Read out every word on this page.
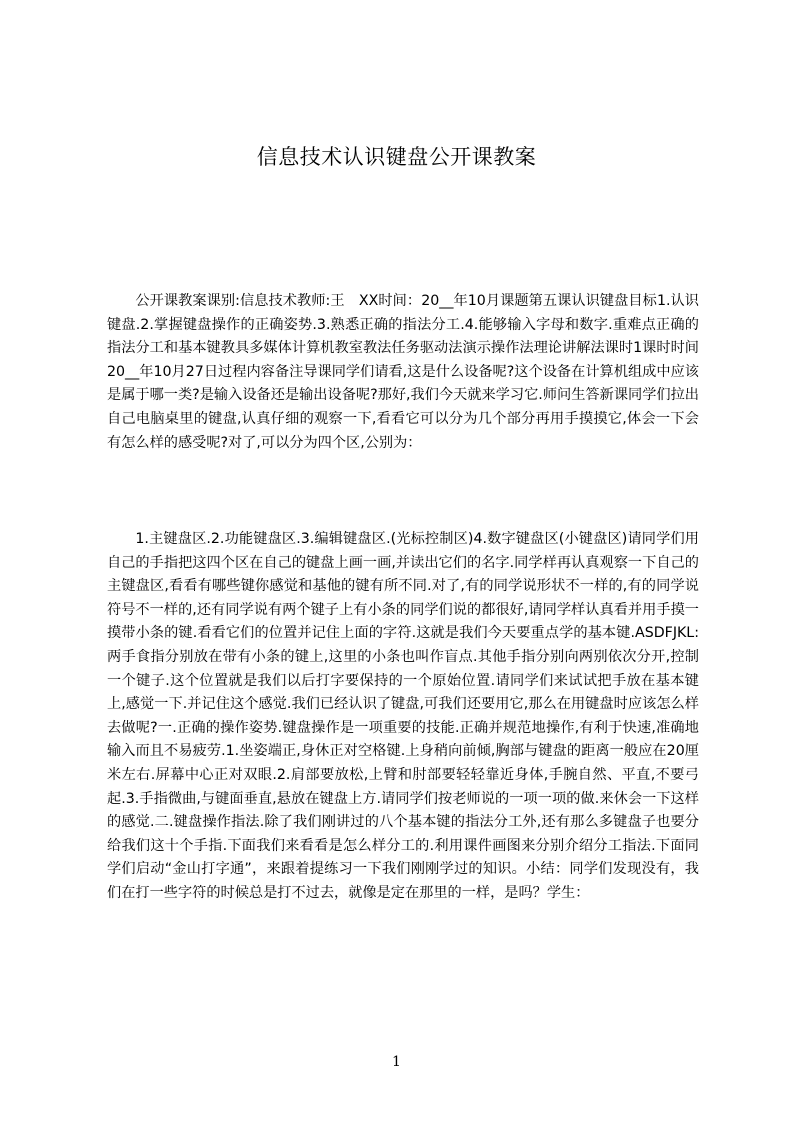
信息技术认识键盘公开课教案

公开课教案课别:信息技术教师:王　XX时间：20__年10月课题第五课认识键盘目标1.认识键盘.2.掌握键盘操作的正确姿势.3.熟悉正确的指法分工.4.能够输入字母和数字.重难点正确的指法分工和基本键教具多媒体计算机教室教法任务驱动法演示操作法理论讲解法课时1课时时间20__年10月27日过程内容备注导课同学们请看,这是什么设备呢?这个设备在计算机组成中应该是属于哪一类?是输入设备还是输出设备呢?那好,我们今天就来学习它.师问生答新课同学们拉出自己电脑桌里的键盘,认真仔细的观察一下,看看它可以分为几个部分再用手摸摸它,体会一下会有怎么样的感受呢?对了,可以分为四个区,公别为：

1.主键盘区.2.功能键盘区.3.编辑键盘区.(光标控制区)4.数字键盘区(小键盘区)请同学们用自己的手指把这四个区在自己的键盘上画一画,并读出它们的名字.同学样再认真观察一下自己的主键盘区,看看有哪些键你感觉和基他的键有所不同.对了,有的同学说形状不一样的,有的同学说符号不一样的,还有同学说有两个键子上有小条的同学们说的都很好,请同学样认真看并用手摸一摸带小条的键.看看它们的位置并记住上面的字符.这就是我们今天要重点学的基本键.ASDFJKL:两手食指分别放在带有小条的键上,这里的小条也叫作盲点.其他手指分别向两别依次分开,控制一个键子.这个位置就是我们以后打字要保持的一个原始位置.请同学们来试试把手放在基本键上,感觉一下.并记住这个感觉.我们已经认识了键盘,可我们还要用它,那么在用键盘时应该怎么样去做呢?一.正确的操作姿势.键盘操作是一项重要的技能.正确并规范地操作,有利于快速,准确地输入而且不易疲劳.1.坐姿端正,身休正对空格键.上身稍向前倾,胸部与键盘的距离一般应在20厘米左右.屏幕中心正对双眼.2.肩部要放松,上臂和肘部要轻轻靠近身体,手腕自然、平直,不要弓起.3.手指微曲,与键面垂直,悬放在键盘上方.请同学们按老师说的一项一项的做.来休会一下这样的感觉.二.键盘操作指法.除了我们刚讲过的八个基本键的指法分工外,还有那么多键盘子也要分给我们这十个手指.下面我们来看看是怎么样分工的.利用课件画图来分别介绍分工指法.下面同学们启动“金山打字通”，来跟着提练习一下我们刚刚学过的知识。小结：同学们发现没有，我们在打一些字符的时候总是打不过去，就像是定在那里的一样，是吗？学生：

1
